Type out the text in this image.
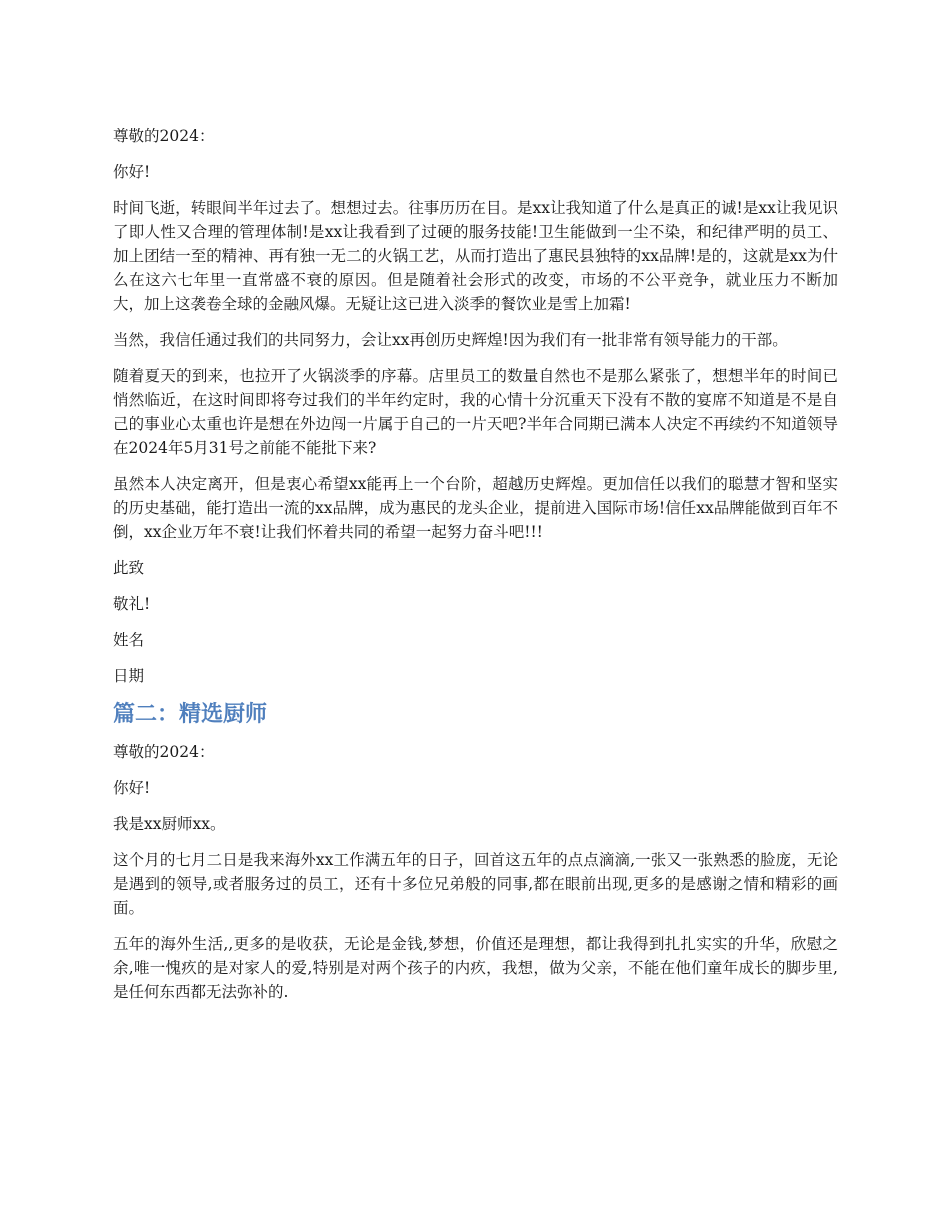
尊敬的2024：

你好!

时间飞逝，转眼间半年过去了。想想过去。往事历历在目。是xx让我知道了什么是真正的诚!是xx让我见识了即人性又合理的管理体制!是xx让我看到了过硬的服务技能!卫生能做到一尘不染，和纪律严明的员工、加上团结一至的精神、再有独一无二的火锅工艺，从而打造出了惠民县独特的xx品牌!是的，这就是xx为什么在这六七年里一直常盛不衰的原因。但是随着社会形式的改变，市场的不公平竞争，就业压力不断加大，加上这袭卷全球的金融风爆。无疑让这已进入淡季的餐饮业是雪上加霜!

当然，我信任通过我们的共同努力，会让xx再创历史辉煌!因为我们有一批非常有领导能力的干部。

随着夏天的到来，也拉开了火锅淡季的序幕。店里员工的数量自然也不是那么紧张了，想想半年的时间已悄然临近，在这时间即将夸过我们的半年约定时，我的心情十分沉重天下没有不散的宴席不知道是不是自己的事业心太重也许是想在外边闯一片属于自己的一片天吧?半年合同期已满本人决定不再续约不知道领导在2024年5月31号之前能不能批下来?

虽然本人决定离开，但是衷心希望xx能再上一个台阶，超越历史辉煌。更加信任以我们的聪慧才智和坚实的历史基础，能打造出一流的xx品牌，成为惠民的龙头企业，提前进入国际市场!信任xx品牌能做到百年不倒，xx企业万年不衰!让我们怀着共同的希望一起努力奋斗吧!!!

此致

敬礼!

姓名

日期

篇二：精选厨师

尊敬的2024：

你好!

我是xx厨师xx。

这个月的七月二日是我来海外xx工作满五年的日子，回首这五年的点点滴滴,一张又一张熟悉的脸庞，无论是遇到的领导,或者服务过的员工，还有十多位兄弟般的同事,都在眼前出现,更多的是感谢之情和精彩的画面。

五年的海外生活,,更多的是收获，无论是金钱,梦想，价值还是理想，都让我得到扎扎实实的升华，欣慰之余,唯一愧疚的是对家人的爱,特别是对两个孩子的内疚，我想，做为父亲，不能在他们童年成长的脚步里,是任何东西都无法弥补的.
